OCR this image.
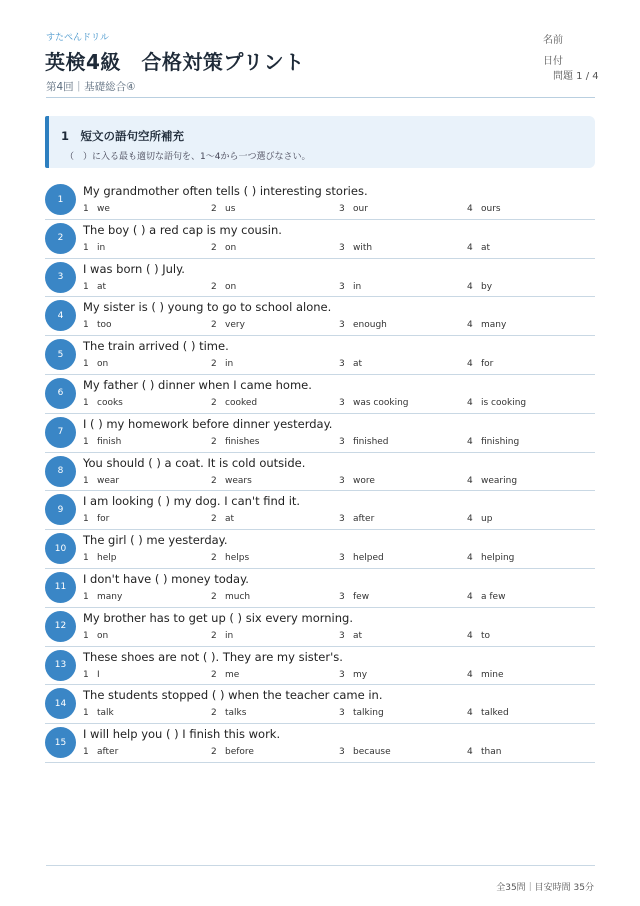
すたぺんドリル
英検4級　合格対策プリント
第4回｜基礎総合④
名前
日付
問題 1 / 4
1　短文の語句空所補充
（　）に入る最も適切な語句を、1〜4から一つ選びなさい。
1
My grandmother often tells ( ) interesting stories.
1 we	2 us	3 our	4 ours
2
The boy ( ) a red cap is my cousin.
1 in	2 on	3 with	4 at
3
I was born ( ) July.
1 at	2 on	3 in	4 by
4
My sister is ( ) young to go to school alone.
1 too	2 very	3 enough	4 many
5
The train arrived ( ) time.
1 on	2 in	3 at	4 for
6
My father ( ) dinner when I came home.
1 cooks	2 cooked	3 was cooking	4 is cooking
7
I ( ) my homework before dinner yesterday.
1 finish	2 finishes	3 finished	4 finishing
8
You should ( ) a coat. It is cold outside.
1 wear	2 wears	3 wore	4 wearing
9
I am looking ( ) my dog. I can't find it.
1 for	2 at	3 after	4 up
10
The girl ( ) me yesterday.
1 help	2 helps	3 helped	4 helping
11
I don't have ( ) money today.
1 many	2 much	3 few	4 a few
12
My brother has to get up ( ) six every morning.
1 on	2 in	3 at	4 to
13
These shoes are not ( ). They are my sister's.
1 I	2 me	3 my	4 mine
14
The students stopped ( ) when the teacher came in.
1 talk	2 talks	3 talking	4 talked
15
I will help you ( ) I finish this work.
1 after	2 before	3 because	4 than
全35問｜目安時間 35分
